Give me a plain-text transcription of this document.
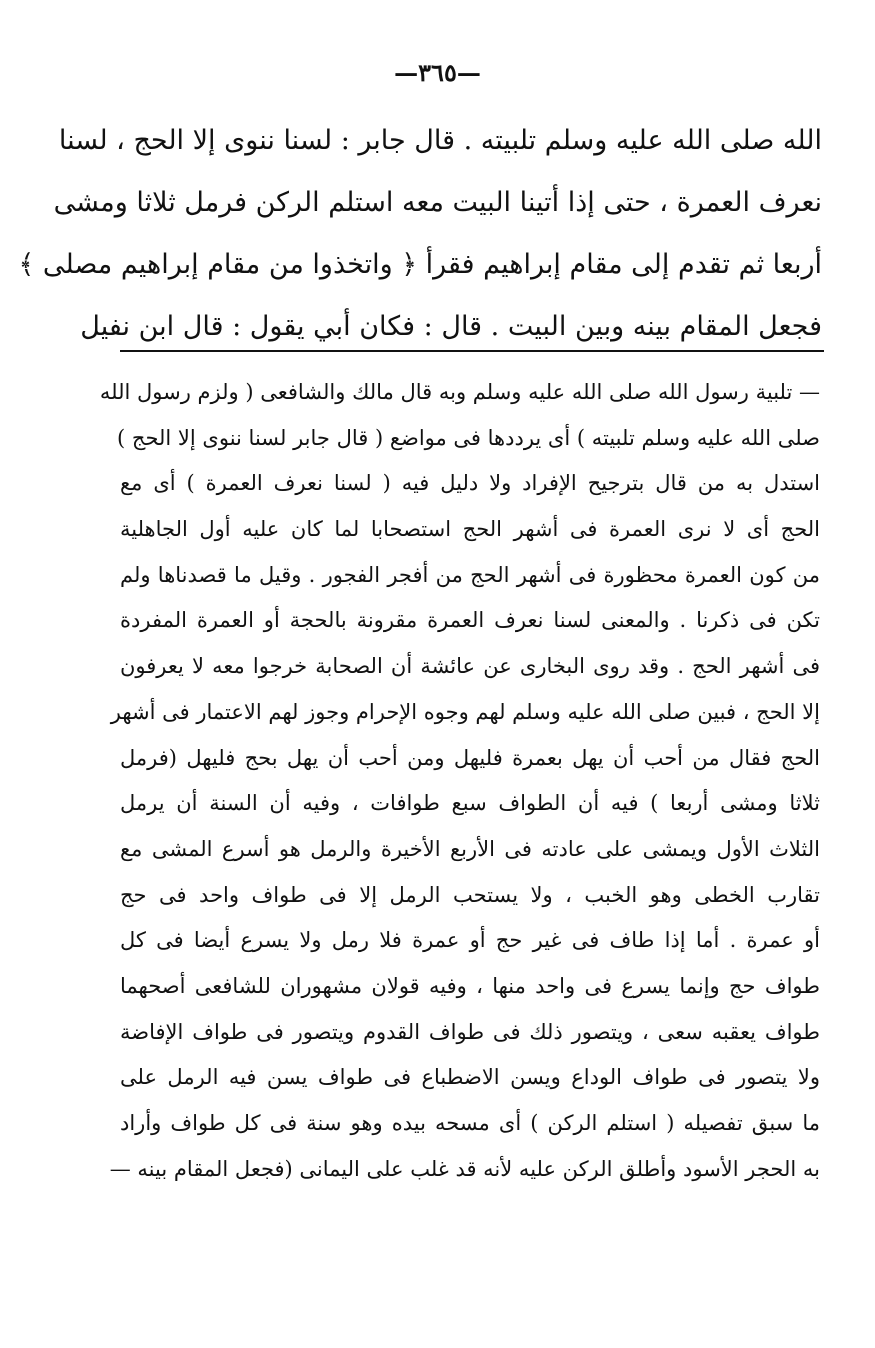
—٣٦٥—
الله صلى الله عليه وسلم تلبيته . قال جابر : لسنا ننوى إلا الحج ، لسنا
نعرف العمرة ، حتى إذا أتينا البيت معه استلم الركن فرمل ثلاثا ومشى
أربعا ثم تقدم إلى مقام إبراهيم فقرأ ﴿ واتخذوا من مقام إبراهيم مصلى ﴾
فجعل المقام بينه وبين البيت . قال : فكان أبي يقول : قال ابن نفيل
— تلبية رسول الله صلى الله عليه وسلم وبه قال مالك والشافعى ( ولزم رسول الله
صلى الله عليه وسلم تلبيته ) أى يرددها فى مواضع ( قال جابر لسنا ننوى إلا الحج )
استدل به من قال بترجيح الإفراد ولا دليل فيه ( لسنا نعرف العمرة ) أى مع
الحج أى لا نرى العمرة فى أشهر الحج استصحابا لما كان عليه أول الجاهلية
من كون العمرة محظورة فى أشهر الحج من أفجر الفجور . وقيل ما قصدناها ولم
تكن فى ذكرنا . والمعنى لسنا نعرف العمرة مقرونة بالحجة أو العمرة المفردة
فى أشهر الحج . وقد روى البخارى عن عائشة أن الصحابة خرجوا معه لا يعرفون
إلا الحج ، فبين صلى الله عليه وسلم لهم وجوه الإحرام وجوز لهم الاعتمار فى أشهر
الحج فقال من أحب أن يهل بعمرة فليهل ومن أحب أن يهل بحج فليهل (فرمل
ثلاثا ومشى أربعا ) فيه أن الطواف سبع طوافات ، وفيه أن السنة أن يرمل
الثلاث الأول ويمشى على عادته فى الأربع الأخيرة والرمل هو أسرع المشى مع
تقارب الخطى وهو الخبب ، ولا يستحب الرمل إلا فى طواف واحد فى حج
أو عمرة . أما إذا طاف فى غير حج أو عمرة فلا رمل ولا يسرع أيضا فى كل
طواف حج وإنما يسرع فى واحد منها ، وفيه قولان مشهوران للشافعى أصحهما
طواف يعقبه سعى ، ويتصور ذلك فى طواف القدوم ويتصور فى طواف الإفاضة
ولا يتصور فى طواف الوداع ويسن الاضطباع فى طواف يسن فيه الرمل على
ما سبق تفصيله ( استلم الركن ) أى مسحه بيده وهو سنة فى كل طواف وأراد
به الحجر الأسود وأطلق الركن عليه لأنه قد غلب على اليمانى (فجعل المقام بينه —
